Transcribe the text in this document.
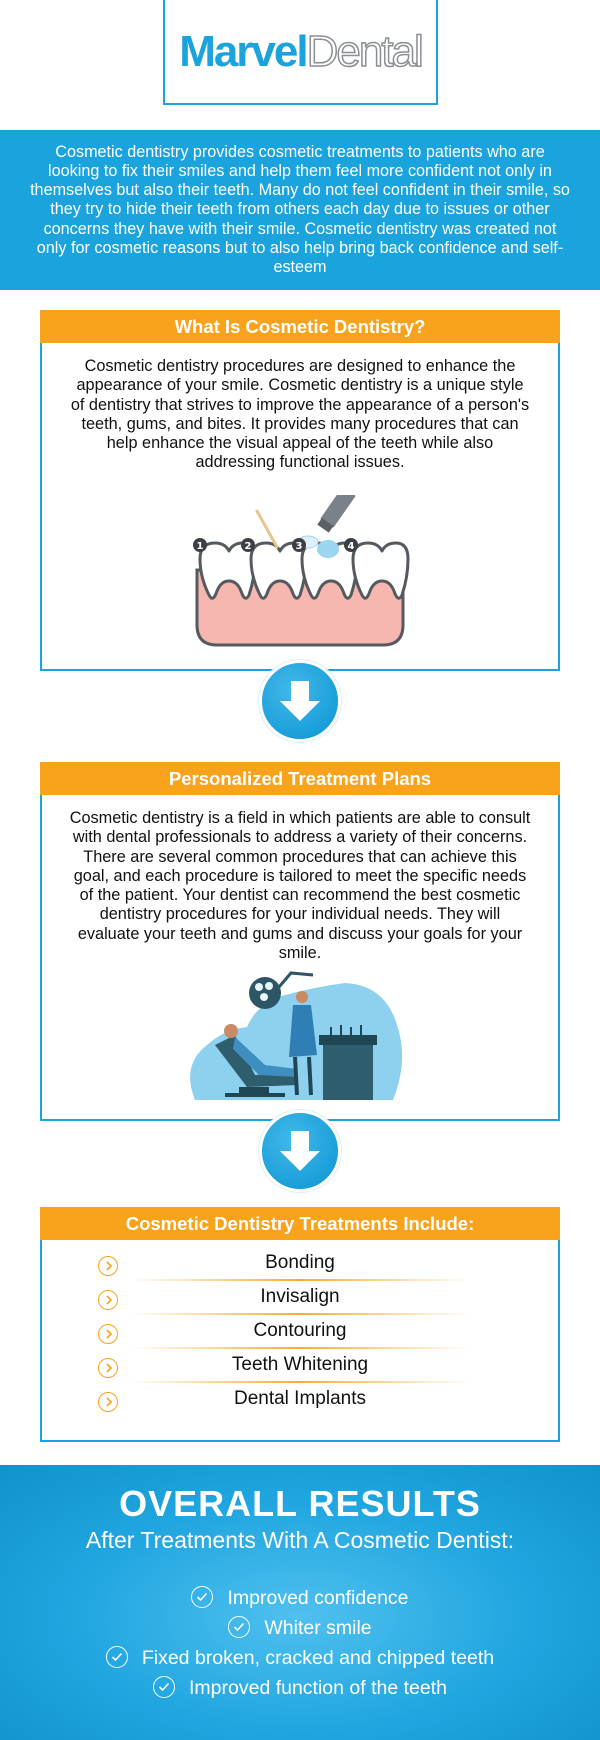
Marvel Dental

Cosmetic dentistry provides cosmetic treatments to patients who are looking to fix their smiles and help them feel more confident not only in themselves but also their teeth. Many do not feel confident in their smile, so they try to hide their teeth from others each day due to issues or other concerns they have with their smile. Cosmetic dentistry was created not only for cosmetic reasons but to also help bring back confidence and self-esteem

What Is Cosmetic Dentistry?
Cosmetic dentistry procedures are designed to enhance the appearance of your smile. Cosmetic dentistry is a unique style of dentistry that strives to improve the appearance of a person's teeth, gums, and bites. It provides many procedures that can help enhance the visual appeal of the teeth while also addressing functional issues.
1	2	3	4
Personalized Treatment Plans
Cosmetic dentistry is a field in which patients are able to consult with dental professionals to address a variety of their concerns. There are several common procedures that can achieve this goal, and each procedure is tailored to meet the specific needs of the patient. Your dentist can recommend the best cosmetic dentistry procedures for your individual needs. They will evaluate your teeth and gums and discuss your goals for your smile.
Cosmetic Dentistry Treatments Include:
Bonding
Invisalign
Contouring
Teeth Whitening
Dental Implants
OVERALL RESULTS
After Treatments With A Cosmetic Dentist:
Improved confidence
Whiter smile
Fixed broken, cracked and chipped teeth
Improved function of the teeth
